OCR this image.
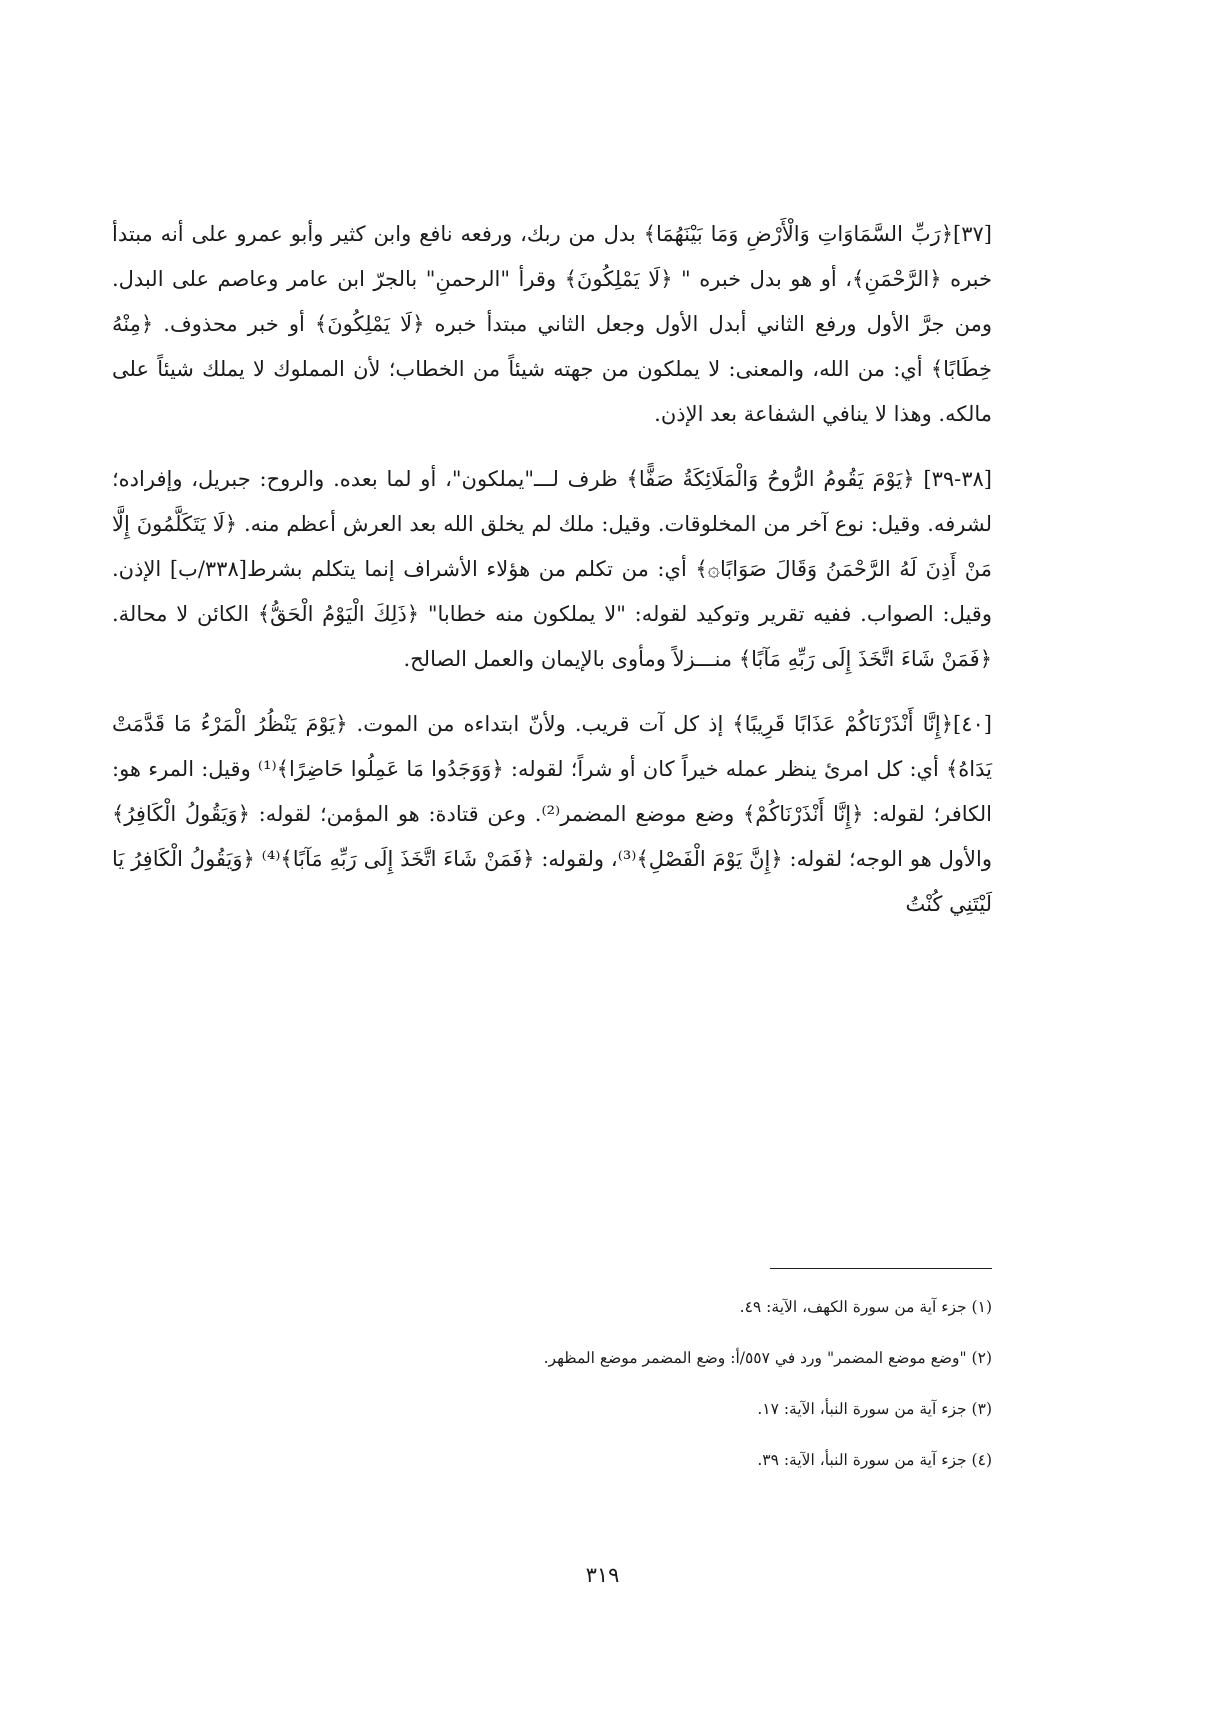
[٣٧]﴿رَبِّ السَّمَاوَاتِ وَالْأَرْضِ وَمَا بَيْنَهُمَا﴾ بدل من ربك، ورفعه نافع وابن كثير وأبو عمرو على أنه مبتدأ خبره ﴿الرَّحْمَنِ﴾، أو هو بدل خبره " ﴿لَا يَمْلِكُونَ﴾ وقرأ "الرحمنِ" بالجرّ ابن عامر وعاصم على البدل. ومن جرَّ الأول ورفع الثاني أبدل الأول وجعل الثاني مبتدأ خبره ﴿لَا يَمْلِكُونَ﴾ أو خبر محذوف. ﴿مِنْهُ خِطَابًا﴾ أي: من الله، والمعنى: لا يملكون من جهته شيئاً من الخطاب؛ لأن المملوك لا يملك شيئاً على مالكه. وهذا لا ينافي الشفاعة بعد الإذن.

[٣٨-٣٩] ﴿يَوْمَ يَقُومُ الرُّوحُ وَالْمَلَائِكَةُ صَفًّا﴾ ظرف لـــ"يملكون"، أو لما بعده. والروح: جبريل، وإفراده؛ لشرفه. وقيل: نوع آخر من المخلوقات. وقيل: ملك لم يخلق الله بعد العرش أعظم منه. ﴿لَا يَتَكَلَّمُونَ إِلَّا مَنْ أَذِنَ لَهُ الرَّحْمَنُ وَقَالَ صَوَابًا۞﴾ أي: من تكلم من هؤلاء الأشراف إنما يتكلم بشرط[٣٣٨/ب] الإذن. وقيل: الصواب. ففيه تقرير وتوكيد لقوله: "لا يملكون منه خطابا" ﴿ذَلِكَ الْيَوْمُ الْحَقُّ﴾ الكائن لا محالة. ﴿فَمَنْ شَاءَ اتَّخَذَ إِلَى رَبِّهِ مَآبًا﴾ منـــزلاً ومأوى بالإيمان والعمل الصالح.

[٤٠]﴿إِنَّا أَنْذَرْنَاكُمْ عَذَابًا قَرِيبًا﴾ إذ كل آت قريب. ولأنّ ابتداءه من الموت. ﴿يَوْمَ يَنْظُرُ الْمَرْءُ مَا قَدَّمَتْ يَدَاهُ﴾ أي: كل امرئ ينظر عمله خيراً كان أو شراً؛ لقوله: ﴿وَوَجَدُوا مَا عَمِلُوا حَاضِرًا﴾⁽¹⁾ وقيل: المرء هو: الكافر؛ لقوله: ﴿إِنَّا أَنْذَرْنَاكُمْ﴾ وضع موضع المضمر⁽²⁾. وعن قتادة: هو المؤمن؛ لقوله: ﴿وَيَقُولُ الْكَافِرُ﴾ والأول هو الوجه؛ لقوله: ﴿إِنَّ يَوْمَ الْفَصْلِ﴾⁽³⁾، ولقوله: ﴿فَمَنْ شَاءَ اتَّخَذَ إِلَى رَبِّهِ مَآبًا﴾⁽⁴⁾ ﴿وَيَقُولُ الْكَافِرُ يَا لَيْتَنِي كُنْتُ

(١) جزء آية من سورة الكهف، الآية: ٤٩.

(٢) "وضع موضع المضمر" ورد في ٥٥٧/أ: وضع المضمر موضع المظهر.

(٣) جزء آية من سورة النبأ، الآية: ١٧.

(٤) جزء آية من سورة النبأ، الآية: ٣٩.

٣١٩
